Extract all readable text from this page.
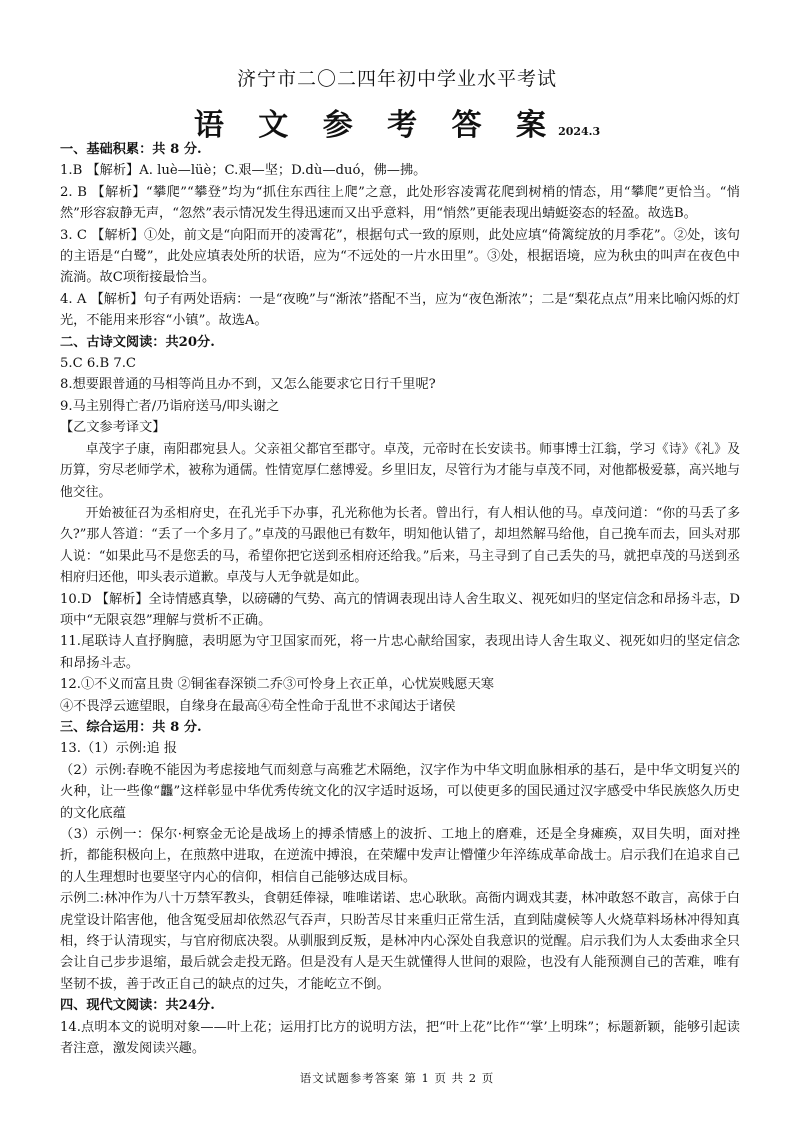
济宁市二〇二四年初中学业水平考试
语 文 参 考 答 案2024.3

一、基础积累：共 8 分.

1.B 【解析】A. luè—lüè；C.艰—坚；D.dù—duó，佛—拂。

2. B 【解析】“攀爬”“攀登”均为“抓住东西往上爬”之意，此处形容凌霄花爬到树梢的情态，用“攀爬”更恰当。“悄然”形容寂静无声，“忽然”表示情况发生得迅速而又出乎意料，用“悄然”更能表现出蜻蜓姿态的轻盈。故选B。

3. C 【解析】①处，前文是“向阳而开的凌霄花”，根据句式一致的原则，此处应填“倚篱绽放的月季花”。②处，该句的主语是“白鹭”，此处应填表处所的状语，应为“不远处的一片水田里”。③处，根据语境，应为秋虫的叫声在夜色中流淌。故C项衔接最恰当。

4. A 【解析】句子有两处语病：一是“夜晚”与“渐浓”搭配不当，应为“夜色渐浓”；二是“梨花点点”用来比喻闪烁的灯光，不能用来形容“小镇”。故选A。

二、古诗文阅读：共20分.

5.C 6.B 7.C

8.想要跟普通的马相等尚且办不到，又怎么能要求它日行千里呢?

9.马主别得亡者/乃诣府送马/叩头谢之

【乙文参考译文】

卓茂字子康，南阳郡宛县人。父亲祖父都官至郡守。卓茂，元帝时在长安读书。师事博士江翁，学习《诗》《礼》及历算，穷尽老师学术，被称为通儒。性情宽厚仁慈博爱。乡里旧友，尽管行为才能与卓茂不同，对他都极爱慕，高兴地与他交往。

开始被征召为丞相府史，在孔光手下办事，孔光称他为长者。曾出行，有人相认他的马。卓茂问道：“你的马丢了多久?”那人答道：“丢了一个多月了。”卓茂的马跟他已有数年，明知他认错了，却坦然解马给他，自己挽车而去，回头对那人说：“如果此马不是您丢的马，希望你把它送到丞相府还给我。”后来，马主寻到了自己丢失的马，就把卓茂的马送到丞相府归还他，叩头表示道歉。卓茂与人无争就是如此。

10.D 【解析】全诗情感真挚，以磅礴的气势、高亢的情调表现出诗人舍生取义、视死如归的坚定信念和昂扬斗志，D 项中“无限哀怨”理解与赏析不正确。

11.尾联诗人直抒胸臆，表明愿为守卫国家而死，将一片忠心献给国家，表现出诗人舍生取义、视死如归的坚定信念和昂扬斗志。

12.①不义而富且贵 ②铜雀春深锁二乔③可怜身上衣正单，心忧炭贱愿天寒

④不畏浮云遮望眼，自缘身在最高④苟全性命于乱世不求闻达于诸侯

三、综合运用：共 8 分.

13.（1）示例:追 报

（2）示例:春晚不能因为考虑接地气而刻意与高雅艺术隔绝，汉字作为中华文明血脉相承的基石，是中华文明复兴的火种，让一些像“龘”这样彰显中华优秀传统文化的汉字适时返场，可以使更多的国民通过汉字感受中华民族悠久历史的文化底蕴

（3）示例一：保尔·柯察金无论是战场上的搏杀情感上的波折、工地上的磨难，还是全身瘫痪，双目失明，面对挫折，都能积极向上，在煎熬中进取，在逆流中搏浪，在荣耀中发声让懵懂少年淬练成革命战士。启示我们在追求自己的人生理想时也要坚守内心的信仰，相信自己能够达成目标。

示例二:林冲作为八十万禁军教头，食朝廷俸禄，唯唯诺诺、忠心耿耿。高衙内调戏其妻，林冲敢怒不敢言，高俅于白虎堂设计陷害他，他含冤受屈却依然忍气吞声，只盼苦尽甘来重归正常生活，直到陆虞候等人火烧草料场林冲得知真相，终于认清现实，与官府彻底决裂。从驯服到反叛，是林冲内心深处自我意识的觉醒。启示我们为人太委曲求全只会让自己步步退缩，最后就会走投无路。但是没有人是天生就懂得人世间的艰险，也没有人能预测自己的苦难，唯有坚韧不拔，善于改正自己的缺点的过失，才能屹立不倒。

四、现代文阅读：共24分.

14.点明本文的说明对象——叶上花；运用打比方的说明方法，把“叶上花”比作“‘掌’上明珠”；标题新颖，能够引起读者注意，激发阅读兴趣。

语文试题参考答案 第 1 页 共 2 页
